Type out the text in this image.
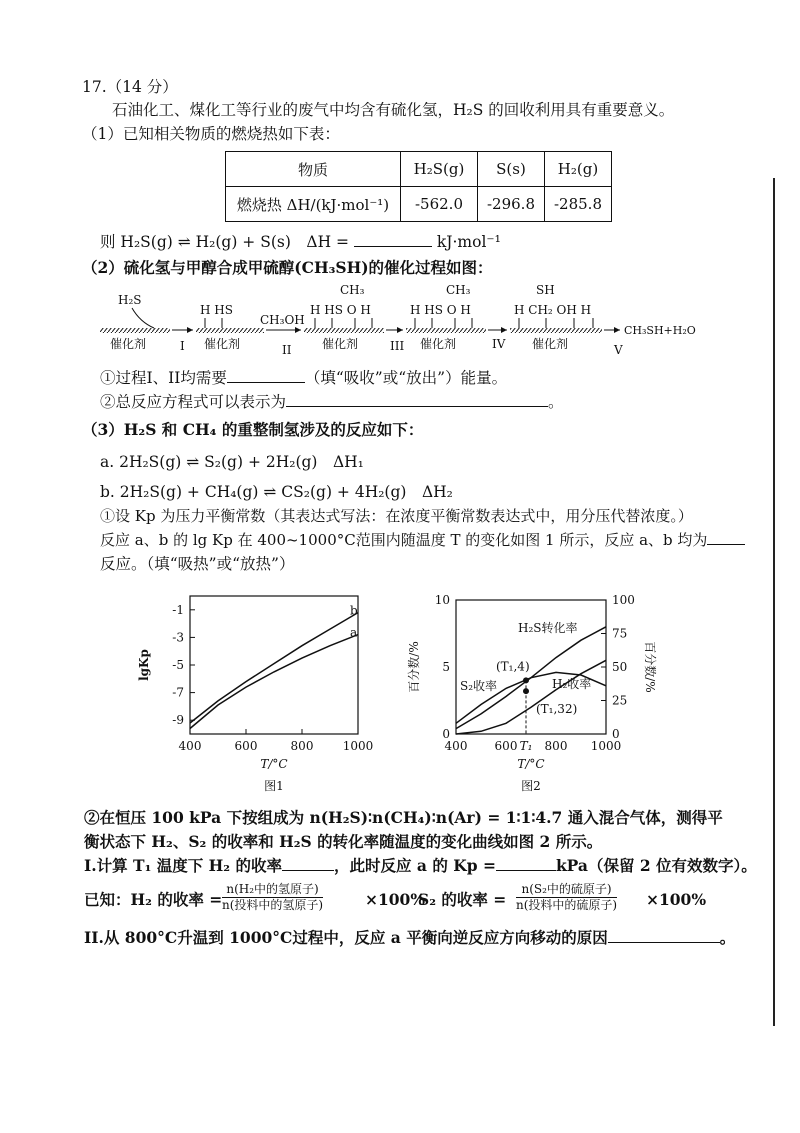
17.（14 分）
石油化工、煤化工等行业的废气中均含有硫化氢，H₂S 的回收利用具有重要意义。
（1）已知相关物质的燃烧热如下表：
物质	H₂S(g)	S(s)	H₂(g)
燃烧热 ΔH/(kJ·mol⁻¹)	-562.0	-296.8	-285.8
则 H₂S(g) ⇌ H₂(g) + S(s)　ΔH =	kJ·mol⁻¹
（2）硫化氢与甲醇合成甲硫醇(CH₃SH)的催化过程如图：
催化剂	催化剂	催化剂	催化剂	催化剂
I	II	III	IV	V
H₂S
H HS
CH₃OH
CH₃
H HS O H
CH₃
H HS O H
SH
H CH₂ OH H
CH₃SH+H₂O
①过程I、II均需要	（填“吸收”或“放出”）能量。
②总反应方程式可以表示为	。
（3）H₂S 和 CH₄ 的重整制氢涉及的反应如下：
a. 2H₂S(g) ⇌ S₂(g) + 2H₂(g)　ΔH₁
b. 2H₂S(g) + CH₄(g) ⇌ CS₂(g) + 4H₂(g)　ΔH₂
①设 Kp 为压力平衡常数（其表达式写法：在浓度平衡常数表达式中，用分压代替浓度。）
反应 a、b 的 lg Kp 在 400~1000°C范围内随温度 T 的变化如图 1 所示，反应 a、b 均为
反应。（填“吸热”或“放热”）
-1
-3
-5
-7
-9
400	600	800 1000
a
b
T/°C
lgKp
图1
0
5
10
0
25
50
75
100
400 600 800 1000
T₁
H₂S转化率
S₂收率	H₂收率
(T₁,4)
(T₁,32)
T/°C
百分数/%	百分数/%
图2
②在恒压 100 kPa 下按组成为 n(H₂S)∶n(CH₄)∶n(Ar) = 1∶1∶4.7 通入混合气体，测得平
衡状态下 H₂、S₂ 的收率和 H₂S 的转化率随温度的变化曲线如图 2 所示。
I.计算 T₁ 温度下 H₂ 的收率	，此时反应 a 的 Kp =	kPa（保留 2 位有效数字）。
已知：H₂ 的收率 =
n(H₂中的氢原子)
n(投料中的氢原子)	×100%
S₂ 的收率 =
n(S₂中的硫原子)
n(投料中的硫原子) ×100%
II.从 800°C升温到 1000°C过程中，反应 a 平衡向逆反应方向移动的原因	。
